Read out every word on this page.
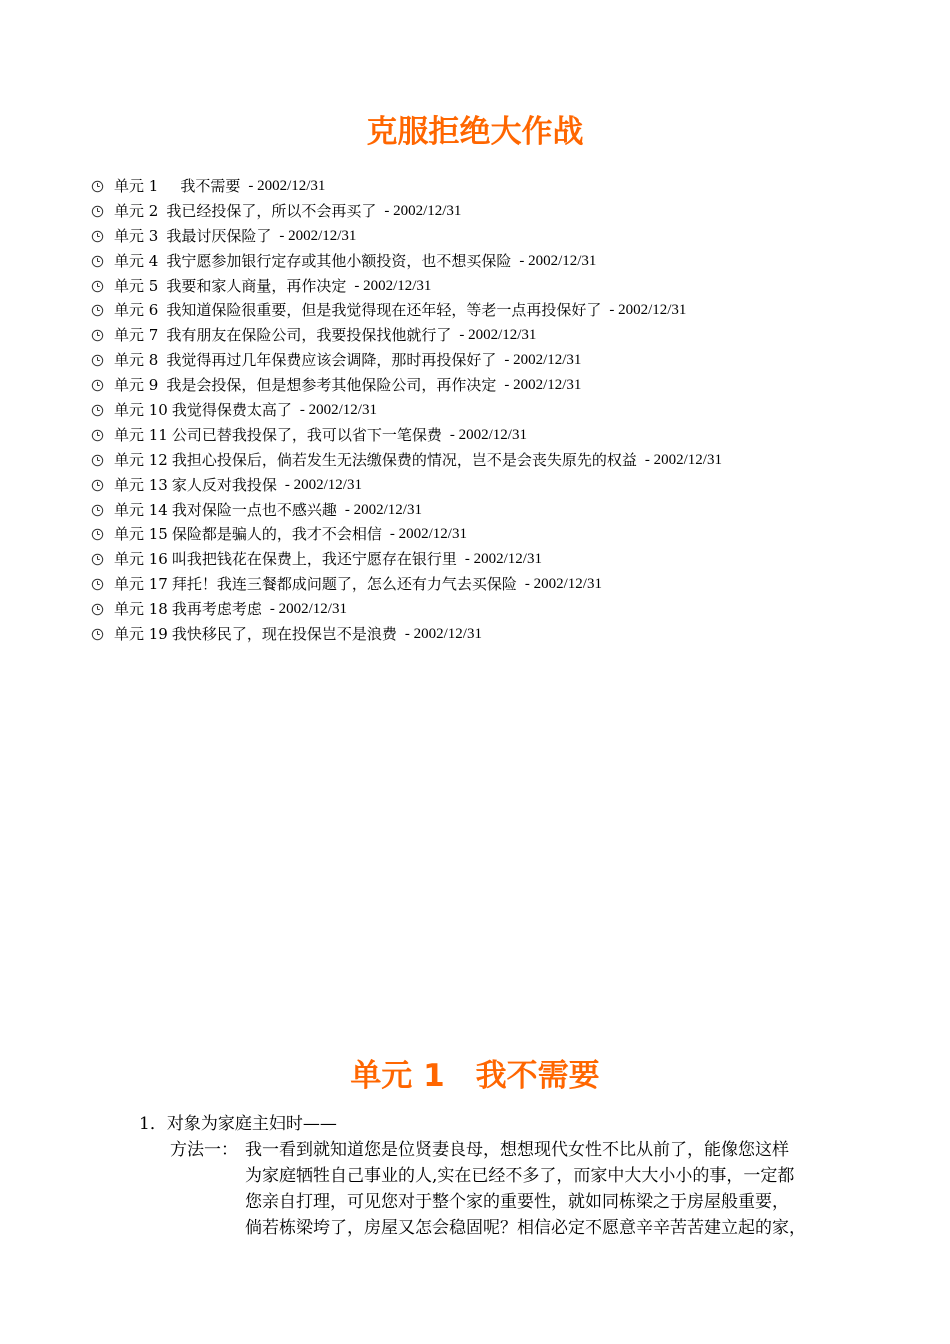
克服拒绝大作战
单元 1 我不需要 - 2002/12/31
单元 2 我已经投保了，所以不会再买了 - 2002/12/31
单元 3 我最讨厌保险了 - 2002/12/31
单元 4 我宁愿参加银行定存或其他小额投资，也不想买保险 - 2002/12/31
单元 5 我要和家人商量，再作决定 - 2002/12/31
单元 6 我知道保险很重要，但是我觉得现在还年轻，等老一点再投保好了 - 2002/12/31
单元 7 我有朋友在保险公司，我要投保找他就行了 - 2002/12/31
单元 8 我觉得再过几年保费应该会调降，那时再投保好了 - 2002/12/31
单元 9 我是会投保，但是想参考其他保险公司，再作决定 - 2002/12/31
单元 10 我觉得保费太高了 - 2002/12/31
单元 11 公司已替我投保了，我可以省下一笔保费 - 2002/12/31
单元 12 我担心投保后，倘若发生无法缴保费的情况，岂不是会丧失原先的权益 - 2002/12/31
单元 13 家人反对我投保 - 2002/12/31
单元 14 我对保险一点也不感兴趣 - 2002/12/31
单元 15 保险都是骗人的，我才不会相信 - 2002/12/31
单元 16 叫我把钱花在保费上，我还宁愿存在银行里 - 2002/12/31
单元 17 拜托！我连三餐都成问题了，怎么还有力气去买保险 - 2002/12/31
单元 18 我再考虑考虑 - 2002/12/31
单元 19 我快移民了，现在投保岂不是浪费 - 2002/12/31
单元 1　我不需要
1．对象为家庭主妇时——
方法一： 我一看到就知道您是位贤妻良母，想想现代女性不比从前了，能像您这样
为家庭牺牲自己事业的人,实在已经不多了，而家中大大小小的事，一定都
您亲自打理，可见您对于整个家的重要性，就如同栋梁之于房屋般重要，
倘若栋梁垮了，房屋又怎会稳固呢？相信必定不愿意辛辛苦苦建立起的家，
